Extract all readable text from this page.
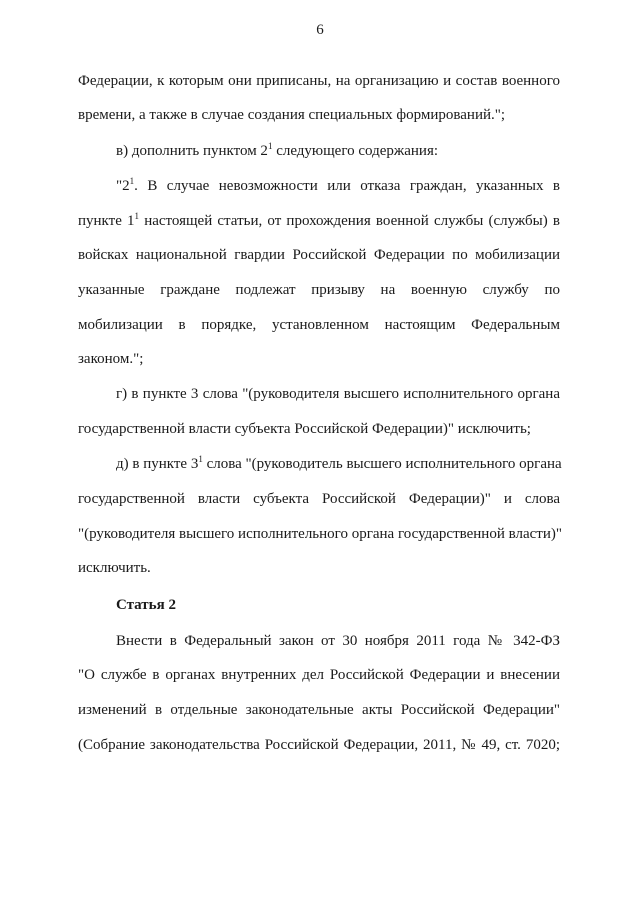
6
Федерации, к которым они приписаны, на организацию и состав военного
времени, а также в случае создания специальных формирований.";
в) дополнить пунктом $2^1$ следующего содержания:
"$2^1$. В случае невозможности или отказа граждан, указанных в
пункте $1^1$ настоящей статьи, от прохождения военной службы (службы) в
войсках национальной гвардии Российской Федерации по мобилизации
указанные граждане подлежат призыву на военную службу по
мобилизации в порядке, установленном настоящим Федеральным
законом.";
г) в пункте 3 слова "(руководителя высшего исполнительного органа
государственной власти субъекта Российской Федерации)" исключить;
д) в пункте $3^1$ слова "(руководитель высшего исполнительного органа
государственной власти субъекта Российской Федерации)" и слова
"(руководителя высшего исполнительного органа государственной власти)"
исключить.
Статья 2
Внести в Федеральный закон от 30 ноября 2011 года № 342-ФЗ
"О службе в органах внутренних дел Российской Федерации и внесении
изменений в отдельные законодательные акты Российской Федерации"
(Собрание законодательства Российской Федерации, 2011, № 49, ст. 7020;
